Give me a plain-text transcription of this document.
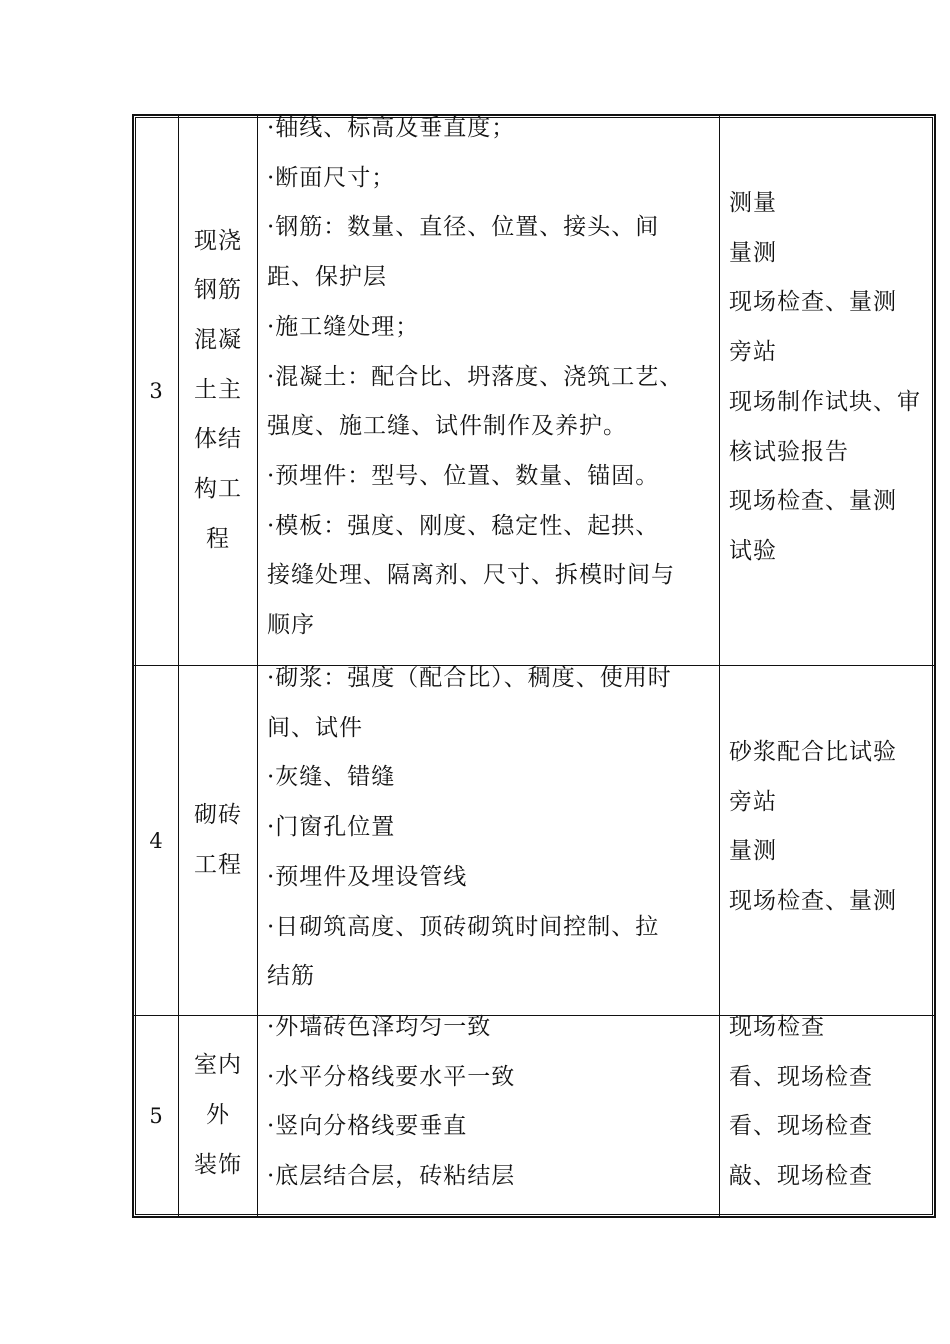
3
现浇
钢筋
混凝
土主
体结
构工
程

·轴线、标高及垂直度；

·断面尺寸；

·钢筋：数量、直径、位置、接头、间

距、保护层

·施工缝处理；

·混凝土：配合比、坍落度、浇筑工艺、

强度、施工缝、试件制作及养护。

·预埋件：型号、位置、数量、锚固。

·模板：强度、刚度、稳定性、起拱、

接缝处理、隔离剂、尺寸、拆模时间与

顺序

测量

量测

现场检查、量测

旁站

现场制作试块、审

核试验报告

现场检查、量测

试验

4
砌砖
工程

·砌浆：强度（配合比）、稠度、使用时

间、试件

·灰缝、错缝

·门窗孔位置

·预埋件及埋设管线

·日砌筑高度、顶砖砌筑时间控制、拉

结筋

砂浆配合比试验

旁站

量测

现场检查、量测

5
室内
外
装饰

·外墙砖色泽均匀一致

·水平分格线要水平一致

·竖向分格线要垂直

·底层结合层，砖粘结层

现场检查

看、现场检查

看、现场检查

敲、现场检查
